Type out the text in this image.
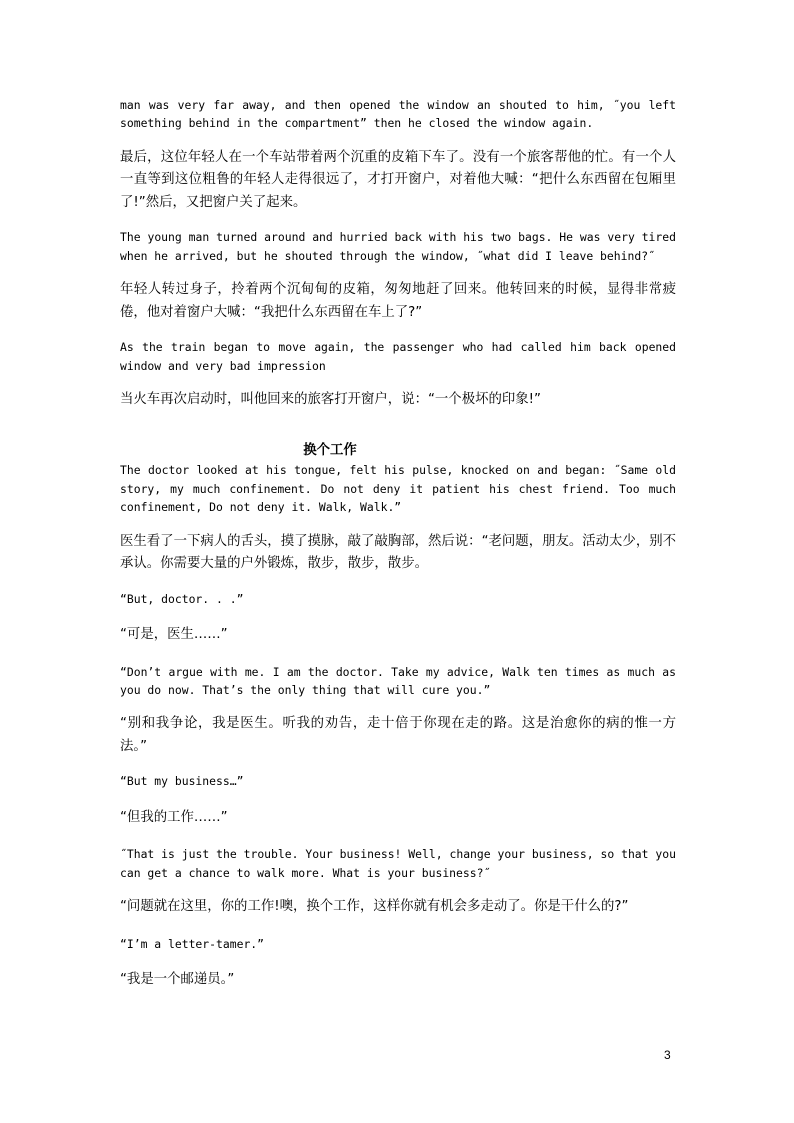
man was very far away, and then opened the window an shouted to him, ˝you left something behind in the compartment” then he closed the window again.

最后，这位年轻人在一个车站带着两个沉重的皮箱下车了。没有一个旅客帮他的忙。有一个人一直等到这位粗鲁的年轻人走得很远了，才打开窗户，对着他大喊：“把什么东西留在包厢里了!”然后，又把窗户关了起来。

The young man turned around and hurried back with his two bags. He was very tired when he arrived, but he shouted through the window, ˝what did I leave behind?˝

年轻人转过身子，拎着两个沉甸甸的皮箱，匆匆地赶了回来。他转回来的时候，显得非常疲倦，他对着窗户大喊：“我把什么东西留在车上了?”

As the train began to move again, the passenger who had called him back opened window and very bad impression

当火车再次启动时，叫他回来的旅客打开窗户，说：“一个极坏的印象!”

换个工作

The doctor looked at his tongue, felt his pulse, knocked on and began: ˝Same old story, my much confinement. Do not deny it patient his chest friend. Too much confinement, Do not deny it. Walk, Walk.”

医生看了一下病人的舌头，摸了摸脉，敲了敲胸部，然后说：“老问题，朋友。活动太少，别不承认。你需要大量的户外锻炼，散步，散步，散步。

“But, doctor. . .”

“可是，医生……”

“Don’t argue with me. I am the doctor. Take my advice, Walk ten times as much as you do now. That’s the only thing that will cure you.”

“别和我争论，我是医生。听我的劝告，走十倍于你现在走的路。这是治愈你的病的惟一方法。”

“But my business…”

“但我的工作……”

˝That is just the trouble. Your business! Well, change your business, so that you can get a chance to walk more. What is your business?˝

“问题就在这里，你的工作!噢，换个工作，这样你就有机会多走动了。你是干什么的?”

“I’m a letter-tamer.”

“我是一个邮递员。”

3
